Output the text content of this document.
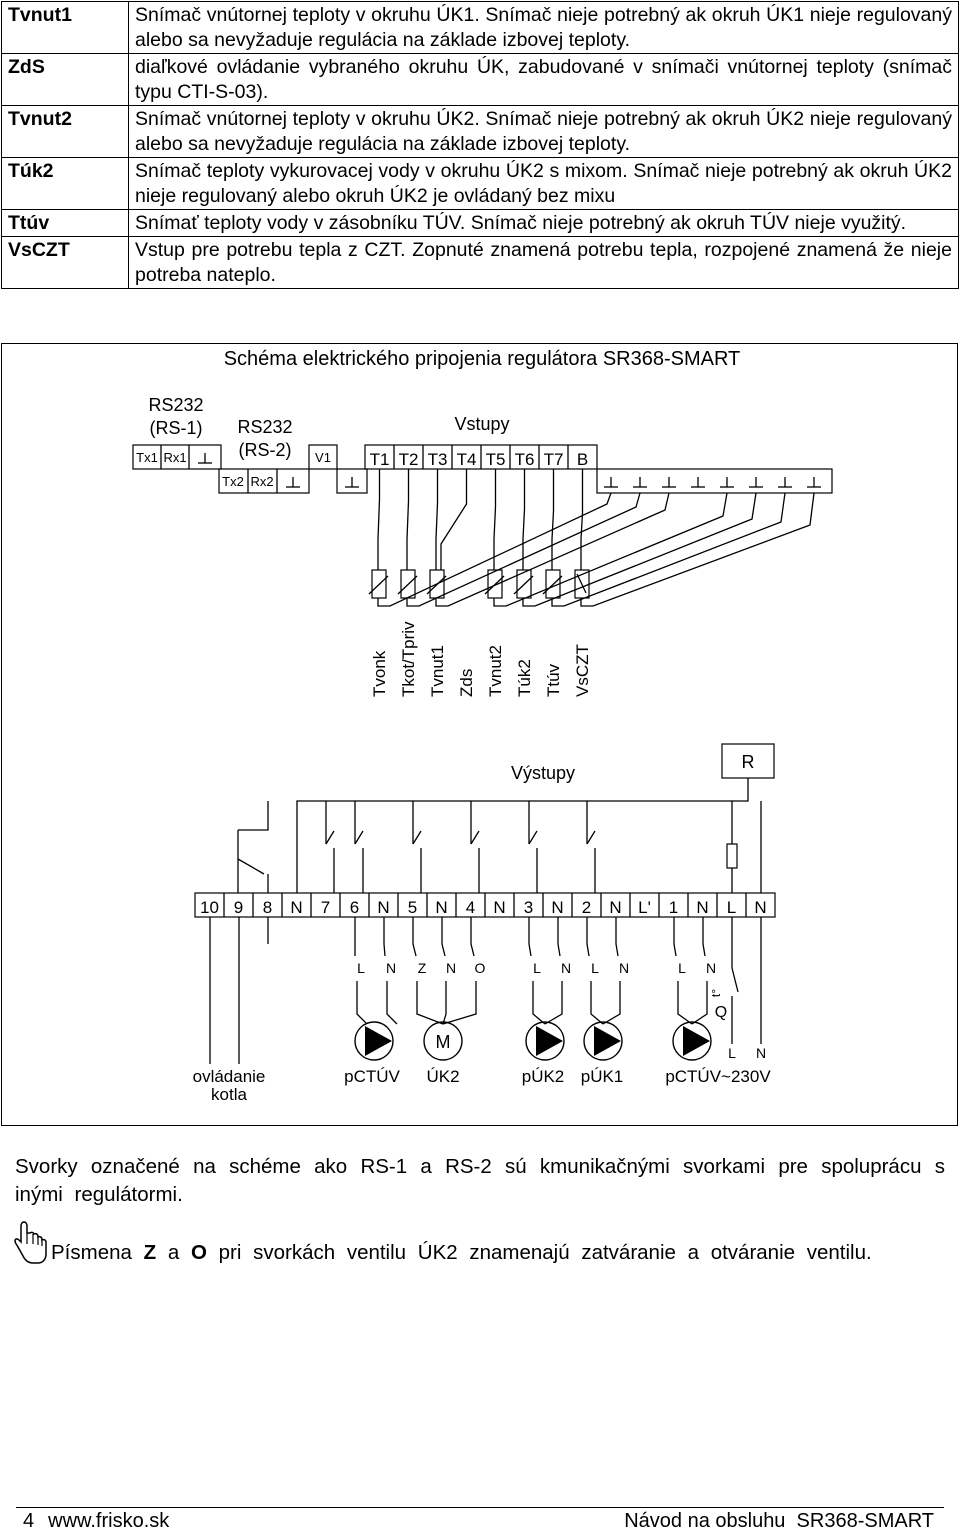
Tvnut1	Snímač vnútornej teploty v okruhu ÚK1. Snímač nieje potrebný ak okruh ÚK1 nieje regulovaný alebo sa nevyžaduje regulácia na základe izbovej teploty.
ZdS	diaľkové ovládanie vybraného okruhu ÚK, zabudované v snímači vnútornej teploty (snímač typu CTI-S-03).
Tvnut2	Snímač vnútornej teploty v okruhu ÚK2. Snímač nieje potrebný ak okruh ÚK2 nieje regulovaný alebo sa nevyžaduje regulácia na základe izbovej teploty.
Túk2	Snímač teploty vykurovacej vody v okruhu ÚK2 s mixom. Snímač nieje potrebný ak okruh ÚK2 nieje regulovaný alebo okruh ÚK2 je ovládaný bez mixu
Ttúv	Snímať teploty vody v zásobníku TÚV. Snímač nieje potrebný ak okruh TÚV nieje využitý.
VsCZT	Vstup pre potrebu tepla z CZT. Zopnuté znamená potrebu tepla, rozpojené znamená že nieje potreba nateplo.
Schéma elektrického pripojenia regulátora SR368-SMART
RS232
(RS-1)
Tx1 Rx1
RS232
(RS-2)
Tx2 Rx2
V1
Vstupy
T1 T2 T3 T4 T5 T6 T7 B
Tvonk Tkot/Tpriv Tvnut1 Zds Tvnut2 Túk2 Ttúv VsCZT
Výstupy
R
10 9 8 N 7 6 N 5 N 4 N 3 N 2 N L' 1 N L N
L N Z N O	L N L N	L N
M
t°
Q
L N
ovládanie
kotla
pCTÚV ÚK2	pÚK2 pÚK1 pCTÚV~230V
Svorky označené na schéme ako RS-1 a RS-2 sú kmunikačnými svorkami pre spoluprácu s inými regulátormi.
Písmena Z a O pri svorkách ventilu ÚK2 znamenajú zatváranie a otváranie ventilu.
4 www.frisko.sk	Návod na obsluhu  SR368-SMART
